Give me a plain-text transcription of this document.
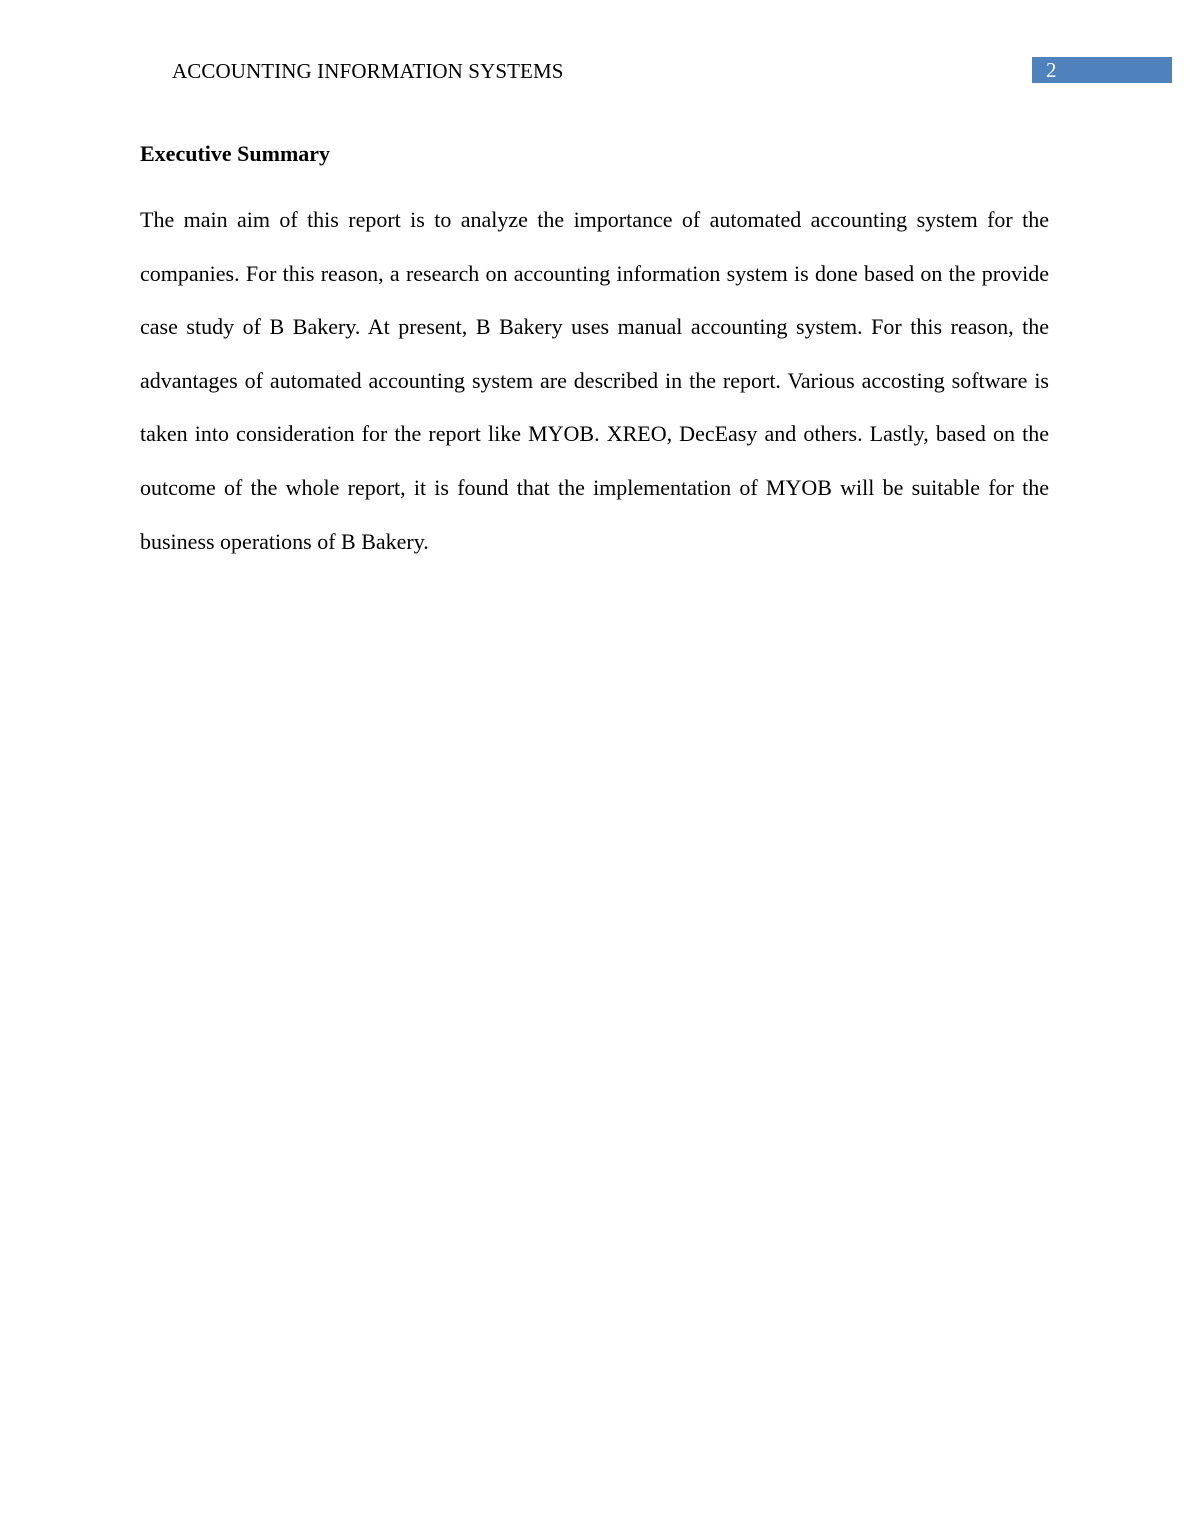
ACCOUNTING INFORMATION SYSTEMS	2
Executive Summary

The main aim of this report is to analyze the importance of automated accounting system for the companies. For this reason, a research on accounting information system is done based on the provide case study of B Bakery. At present, B Bakery uses manual accounting system. For this reason, the advantages of automated accounting system are described in the report. Various accosting software is taken into consideration for the report like MYOB. XREO, DecEasy and others. Lastly, based on the outcome of the whole report, it is found that the implementation of MYOB will be suitable for the business operations of B Bakery.
